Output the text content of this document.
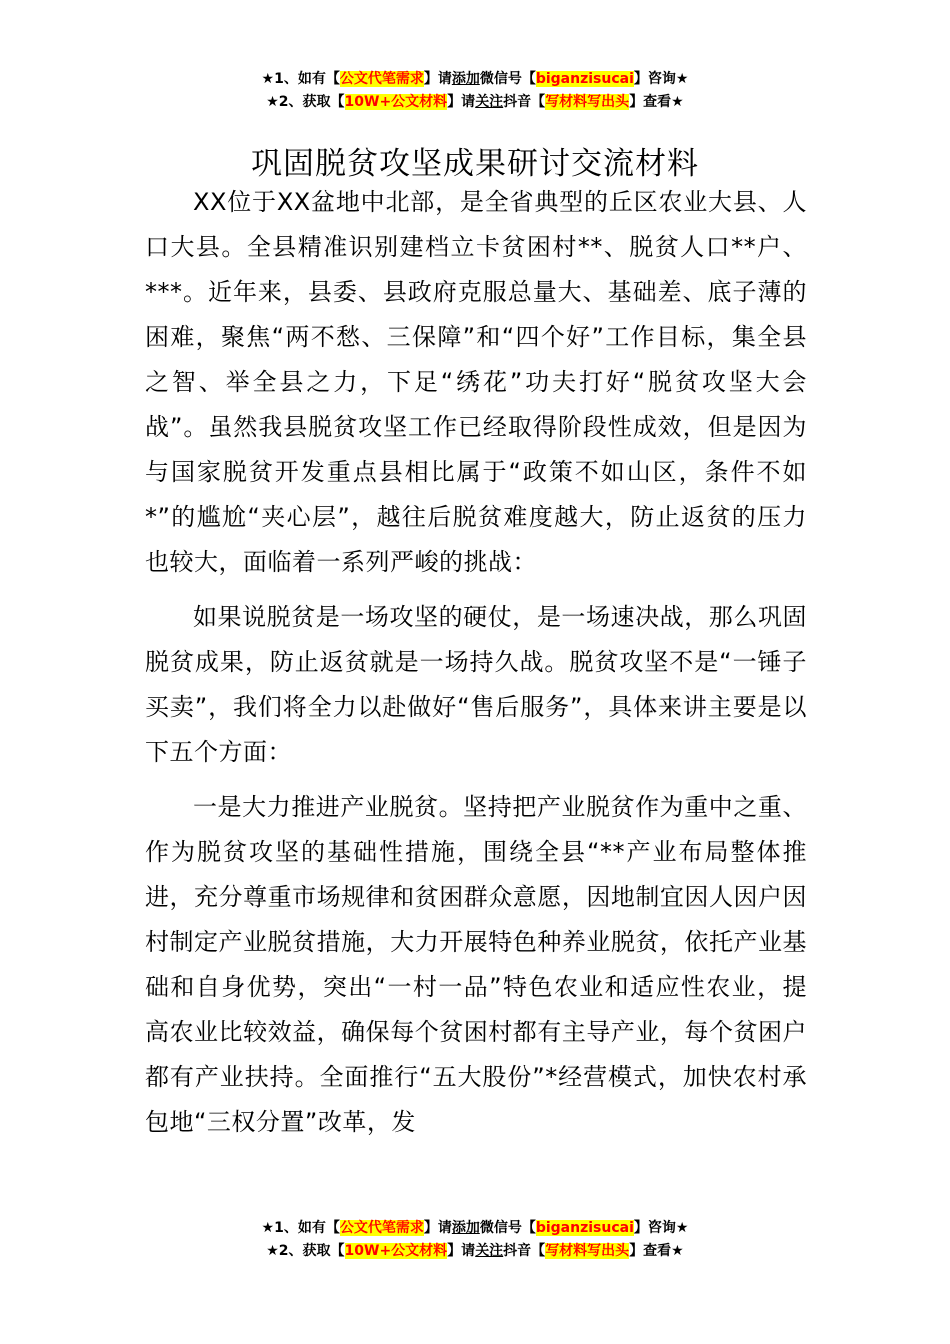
★1、如有【公文代笔需求】请添加微信号【biganzisucai】咨询★
★2、获取【10W+公文材料】请关注抖音【写材料写出头】查看★
巩固脱贫攻坚成果研讨交流材料

XX位于XX盆地中北部，是全省典型的丘区农业大县、人口大县。全县精准识别建档立卡贫困村**、脱贫人口**户、***。近年来，县委、县政府克服总量大、基础差、底子薄的困难，聚焦“两不愁、三保障”和“四个好”工作目标，集全县之智、举全县之力，下足“绣花”功夫打好“脱贫攻坚大会战”。虽然我县脱贫攻坚工作已经取得阶段性成效，但是因为与国家脱贫开发重点县相比属于“政策不如山区，条件不如*”的尴尬“夹心层”，越往后脱贫难度越大，防止返贫的压力也较大，面临着一系列严峻的挑战：

如果说脱贫是一场攻坚的硬仗，是一场速决战，那么巩固脱贫成果，防止返贫就是一场持久战。脱贫攻坚不是“一锤子买卖”，我们将全力以赴做好“售后服务”，具体来讲主要是以下五个方面：

一是大力推进产业脱贫。坚持把产业脱贫作为重中之重、作为脱贫攻坚的基础性措施，围绕全县“**产业布局整体推进，充分尊重市场规律和贫困群众意愿，因地制宜因人因户因村制定产业脱贫措施，大力开展特色种养业脱贫，依托产业基础和自身优势，突出“一村一品”特色农业和适应性农业，提高农业比较效益，确保每个贫困村都有主导产业，每个贫困户都有产业扶持。全面推行“五大股份”*经营模式，加快农村承包地“三权分置”改革，发

★1、如有【公文代笔需求】请添加微信号【biganzisucai】咨询★
★2、获取【10W+公文材料】请关注抖音【写材料写出头】查看★
